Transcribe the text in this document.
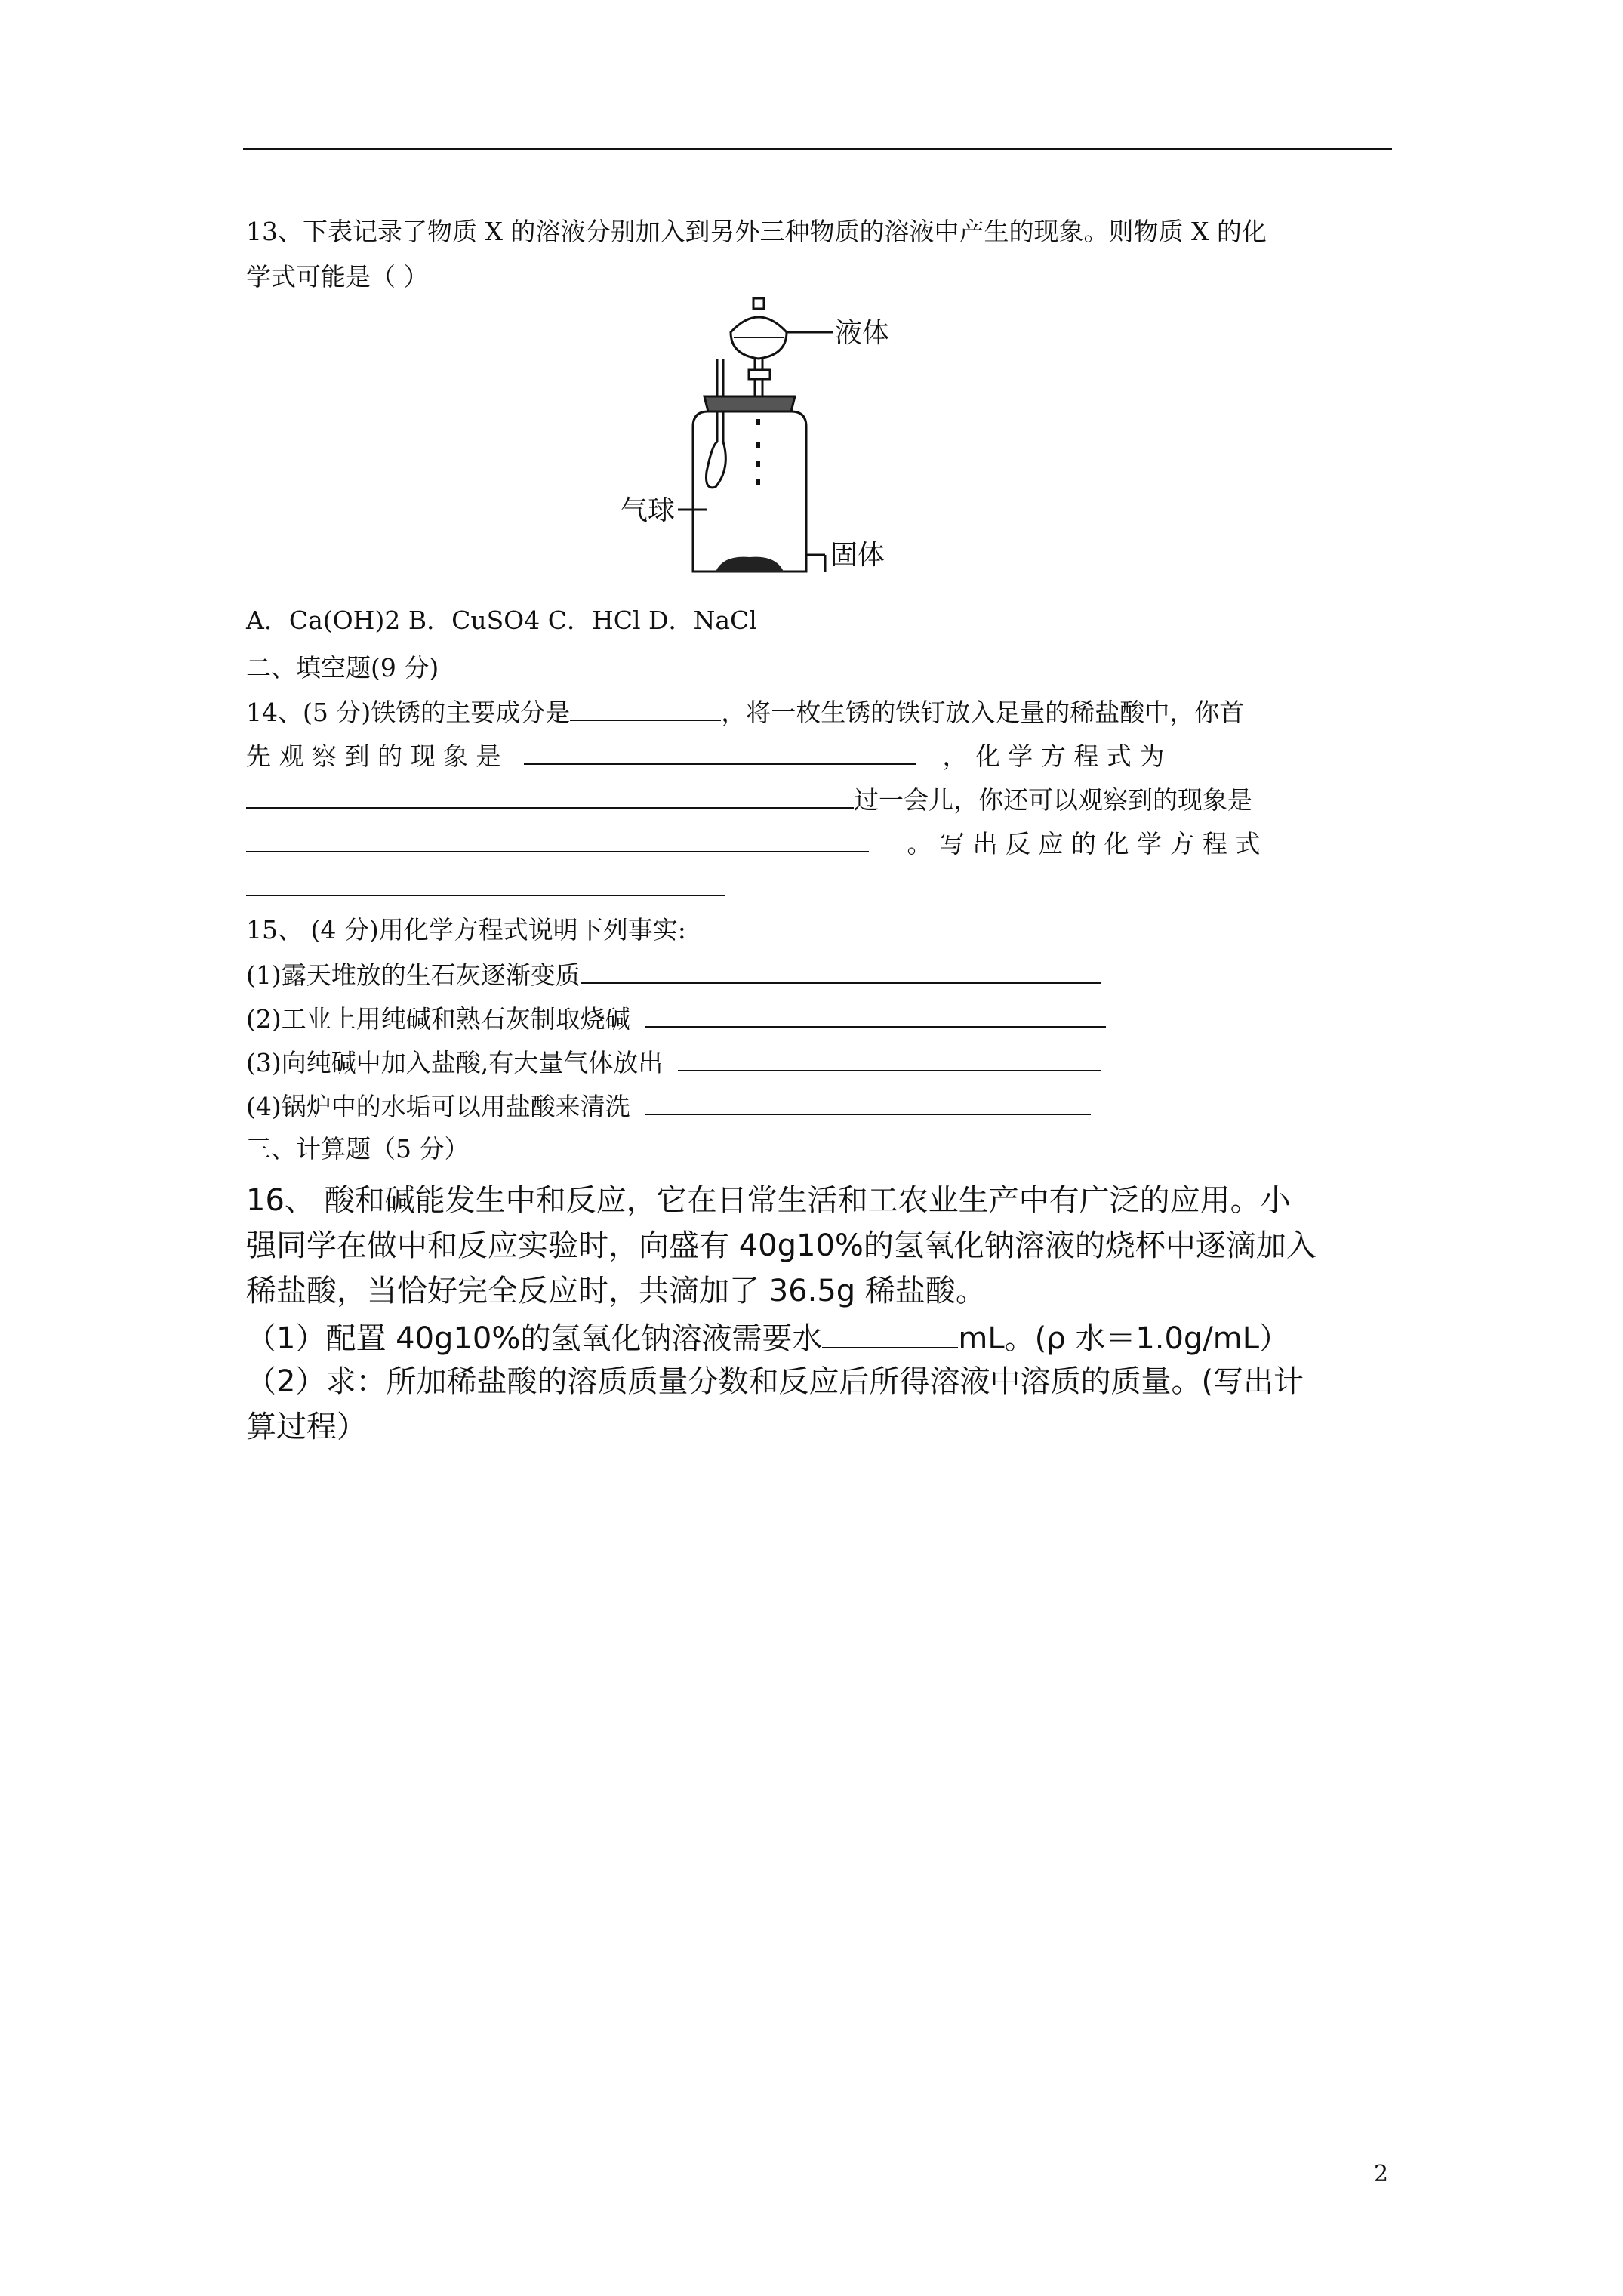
13、下表记录了物质 X 的溶液分别加入到另外三种物质的溶液中产生的现象。则物质 X 的化
学式可能是（ ）
液体
气球
固体
A．Ca(OH)2 B．CuSO4 C．HCl D．NaCl
二、填空题(9 分)
14、(5 分)铁锈的主要成分是	，将一枚生锈的铁钉放入足量的稀盐酸中，你首
先 观 察 到 的 现 象 是	， 化 学 方 程 式 为
过一会儿，你还可以观察到的现象是
。 写 出 反 应 的 化 学 方 程 式
15、 (4 分)用化学方程式说明下列事实:
(1)露天堆放的生石灰逐渐变质
(2)工业上用纯碱和熟石灰制取烧碱
(3)向纯碱中加入盐酸,有大量气体放出
(4)锅炉中的水垢可以用盐酸来清洗
三、计算题（5 分）
16、 酸和碱能发生中和反应，它在日常生活和工农业生产中有广泛的应用。小
强同学在做中和反应实验时，向盛有 40g10%的氢氧化钠溶液的烧杯中逐滴加入
稀盐酸，当恰好完全反应时，共滴加了 36.5g 稀盐酸。
（1）配置 40g10%的氢氧化钠溶液需要水	mL。(ρ 水＝1.0g/mL）
（2）求：所加稀盐酸的溶质质量分数和反应后所得溶液中溶质的质量。(写出计
算过程）
2
